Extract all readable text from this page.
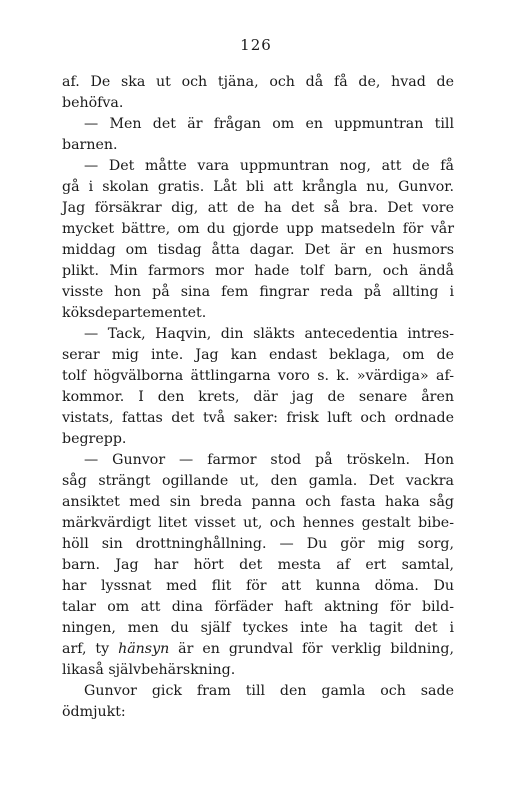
126
af. De ska ut och tjäna, och då få de, hvad de
behöfva.
— Men det är frågan om en uppmuntran till
barnen.
— Det måtte vara uppmuntran nog, att de få
gå i skolan gratis. Låt bli att krångla nu, Gunvor.
Jag försäkrar dig, att de ha det så bra. Det vore
mycket bättre, om du gjorde upp matsedeln för vår
middag om tisdag åtta dagar. Det är en husmors
plikt. Min farmors mor hade tolf barn, och ändå
visste hon på sina fem fingrar reda på allting i
köksdepartementet.
— Tack, Haqvin, din släkts antecedentia intres-
serar mig inte. Jag kan endast beklaga, om de
tolf högvälborna ättlingarna voro s. k. »värdiga» af-
kommor. I den krets, där jag de senare åren
vistats, fattas det två saker: frisk luft och ordnade
begrepp.
— Gunvor — farmor stod på tröskeln. Hon
såg strängt ogillande ut, den gamla. Det vackra
ansiktet med sin breda panna och fasta haka såg
märkvärdigt litet visset ut, och hennes gestalt bibe-
höll sin drottninghållning. — Du gör mig sorg,
barn. Jag har hört det mesta af ert samtal,
har lyssnat med flit för att kunna döma. Du
talar om att dina förfäder haft aktning för bild-
ningen, men du själf tyckes inte ha tagit det i
arf, ty hänsyn är en grundval för verklig bildning,
likaså självbehärskning.
Gunvor gick fram till den gamla och sade
ödmjukt:
